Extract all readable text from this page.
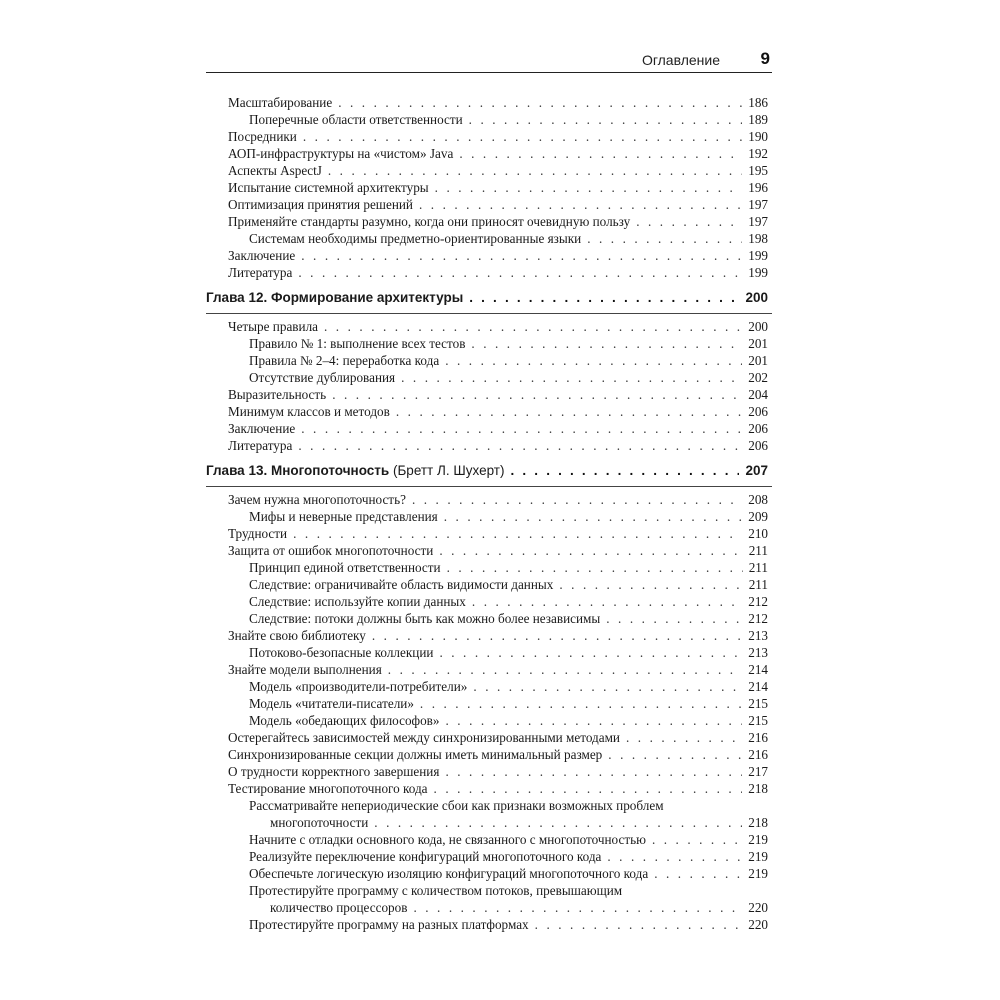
Оглавление 9
Масштабирование . . .	186
Поперечные области ответственности . . .	189
Посредники . . .	190
АОП-инфраструктуры на «чистом» Java . . .	192
Аспекты AspectJ . . .	195
Испытание системной архитектуры . . .	196
Оптимизация принятия решений . . .	197
Применяйте стандарты разумно, когда они приносят очевидную пользу . . .	197
Системам необходимы предметно-ориентированные языки . . .	198
Заключение . . .	199
Литература . . .	199
Глава 12. Формирование архитектуры . . .	200
Четыре правила . . .	200
Правило № 1: выполнение всех тестов . . .	201
Правила № 2–4: переработка кода . . .	201
Отсутствие дублирования . . .	202
Выразительность . . .	204
Минимум классов и методов . . .	206
Заключение . . .	206
Литература . . .	206
Глава 13. Многопоточность (Бретт Л. Шухерт) . . .	207
Зачем нужна многопоточность? . . .	208
Мифы и неверные представления . . .	209
Трудности . . .	210
Защита от ошибок многопоточности . . .	211
Принцип единой ответственности . . .	211
Следствие: ограничивайте область видимости данных . . .	211
Следствие: используйте копии данных . . .	212
Следствие: потоки должны быть как можно более независимы . . .	212
Знайте свою библиотеку . . .	213
Потоково-безопасные коллекции . . .	213
Знайте модели выполнения . . .	214
Модель «производители-потребители» . . .	214
Модель «читатели-писатели» . . .	215
Модель «обедающих философов» . . .	215
Остерегайтесь зависимостей между синхронизированными методами . . .	216
Синхронизированные секции должны иметь минимальный размер . . .	216
О трудности корректного завершения . . .	217
Тестирование многопоточного кода . . .	218
Рассматривайте непериодические сбои как признаки возможных проблем
многопоточности . . .	218
Начните с отладки основного кода, не связанного с многопоточностью . . .	219
Реализуйте переключение конфигураций многопоточного кода . . .	219
Обеспечьте логическую изоляцию конфигураций многопоточного кода . . .	219
Протестируйте программу с количеством потоков, превышающим
количество процессоров . . .	220
Протестируйте программу на разных платформах . . .	220
